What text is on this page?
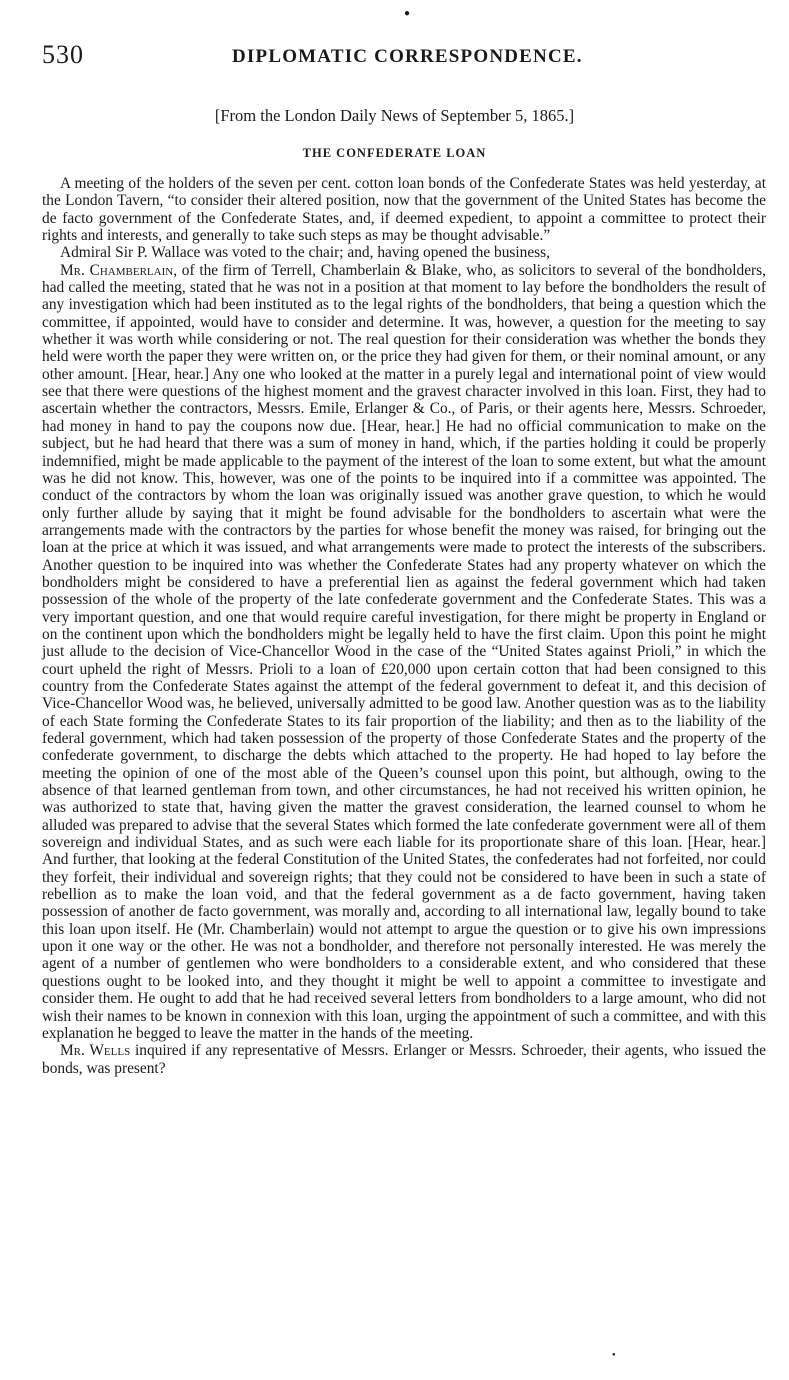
530	DIPLOMATIC CORRESPONDENCE.
[From the London Daily News of September 5, 1865.]
THE CONFEDERATE LOAN

A meeting of the holders of the seven per cent. cotton loan bonds of the Confederate States was held yesterday, at the London Tavern, “to consider their altered position, now that the government of the United States has become the de facto government of the Confederate States, and, if deemed expedient, to appoint a committee to protect their rights and interests, and generally to take such steps as may be thought advisable.”

Admiral Sir P. Wallace was voted to the chair; and, having opened the business,

Mr. Chamberlain, of the firm of Terrell, Chamberlain & Blake, who, as solicitors to several of the bondholders, had called the meeting, stated that he was not in a position at that moment to lay before the bondholders the result of any investigation which had been instituted as to the legal rights of the bondholders, that being a question which the committee, if appointed, would have to consider and determine. It was, however, a question for the meeting to say whether it was worth while considering or not. The real question for their consideration was whether the bonds they held were worth the paper they were written on, or the price they had given for them, or their nominal amount, or any other amount. [Hear, hear.] Any one who looked at the matter in a purely legal and international point of view would see that there were questions of the highest moment and the gravest character involved in this loan. First, they had to ascertain whether the contractors, Messrs. Emile, Erlanger & Co., of Paris, or their agents here, Messrs. Schroeder, had money in hand to pay the coupons now due. [Hear, hear.] He had no official communication to make on the subject, but he had heard that there was a sum of money in hand, which, if the parties holding it could be properly indemnified, might be made applicable to the payment of the interest of the loan to some extent, but what the amount was he did not know. This, however, was one of the points to be inquired into if a committee was appointed. The conduct of the contractors by whom the loan was originally issued was another grave question, to which he would only further allude by saying that it might be found advisable for the bondholders to ascertain what were the arrangements made with the contractors by the parties for whose benefit the money was raised, for bringing out the loan at the price at which it was issued, and what arrangements were made to protect the interests of the subscribers. Another question to be inquired into was whether the Confederate States had any property whatever on which the bondholders might be considered to have a preferential lien as against the federal government which had taken possession of the whole of the property of the late confederate government and the Confederate States. This was a very important question, and one that would require careful investigation, for there might be property in England or on the continent upon which the bondholders might be legally held to have the first claim. Upon this point he might just allude to the decision of Vice-Chancellor Wood in the case of the “United States against Prioli,” in which the court upheld the right of Messrs. Prioli to a loan of £20,000 upon certain cotton that had been consigned to this country from the Confederate States against the attempt of the federal government to defeat it, and this decision of Vice-Chancellor Wood was, he believed, universally admitted to be good law. Another question was as to the liability of each State forming the Confederate States to its fair proportion of the liability; and then as to the liability of the federal government, which had taken possession of the property of those Confederate States and the property of the confederate government, to discharge the debts which attached to the property. He had hoped to lay before the meeting the opinion of one of the most able of the Queen’s counsel upon this point, but although, owing to the absence of that learned gentleman from town, and other circumstances, he had not received his written opinion, he was authorized to state that, having given the matter the gravest consideration, the learned counsel to whom he alluded was prepared to advise that the several States which formed the late confederate government were all of them sovereign and individual States, and as such were each liable for its proportionate share of this loan. [Hear, hear.] And further, that looking at the federal Constitution of the United States, the confederates had not forfeited, nor could they forfeit, their individual and sovereign rights; that they could not be considered to have been in such a state of rebellion as to make the loan void, and that the federal government as a de facto government, having taken possession of another de facto government, was morally and, according to all international law, legally bound to take this loan upon itself. He (Mr. Chamberlain) would not attempt to argue the question or to give his own impressions upon it one way or the other. He was not a bondholder, and therefore not personally interested. He was merely the agent of a number of gentlemen who were bondholders to a considerable extent, and who considered that these questions ought to be looked into, and they thought it might be well to appoint a committee to investigate and consider them. He ought to add that he had received several letters from bondholders to a large amount, who did not wish their names to be known in connexion with this loan, urging the appointment of such a committee, and with this explanation he begged to leave the matter in the hands of the meeting.

Mr. Wells inquired if any representative of Messrs. Erlanger or Messrs. Schroeder, their agents, who issued the bonds, was present?

●
●
